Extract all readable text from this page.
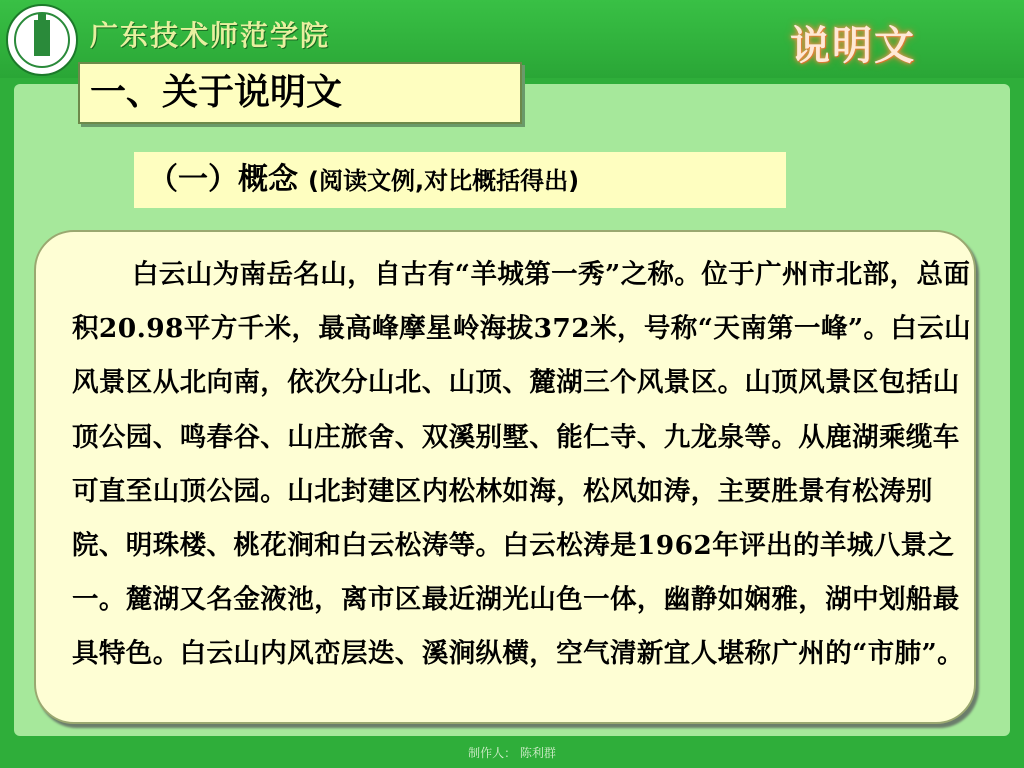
广东技术师范学院	说明文
一、关于说明文
（一）概念 (阅读文例,对比概括得出)

白云山为南岳名山，自古有“羊城第一秀”之称。位于广州市北部，总面积20.98平方千米，最高峰摩星岭海拔372米，号称“天南第一峰”。白云山风景区从北向南，依次分山北、山顶、麓湖三个风景区。山顶风景区包括山顶公园、鸣春谷、山庄旅舍、双溪别墅、能仁寺、九龙泉等。从鹿湖乘缆车可直至山顶公园。山北封建区内松林如海，松风如涛，主要胜景有松涛别院、明珠楼、桃花涧和白云松涛等。白云松涛是1962年评出的羊城八景之一。麓湖又名金液池，离市区最近湖光山色一体，幽静如娴雅，湖中划船最具特色。白云山内风峦层迭、溪涧纵横，空气清新宜人堪称广州的“市肺”。

制作人： 陈利群
